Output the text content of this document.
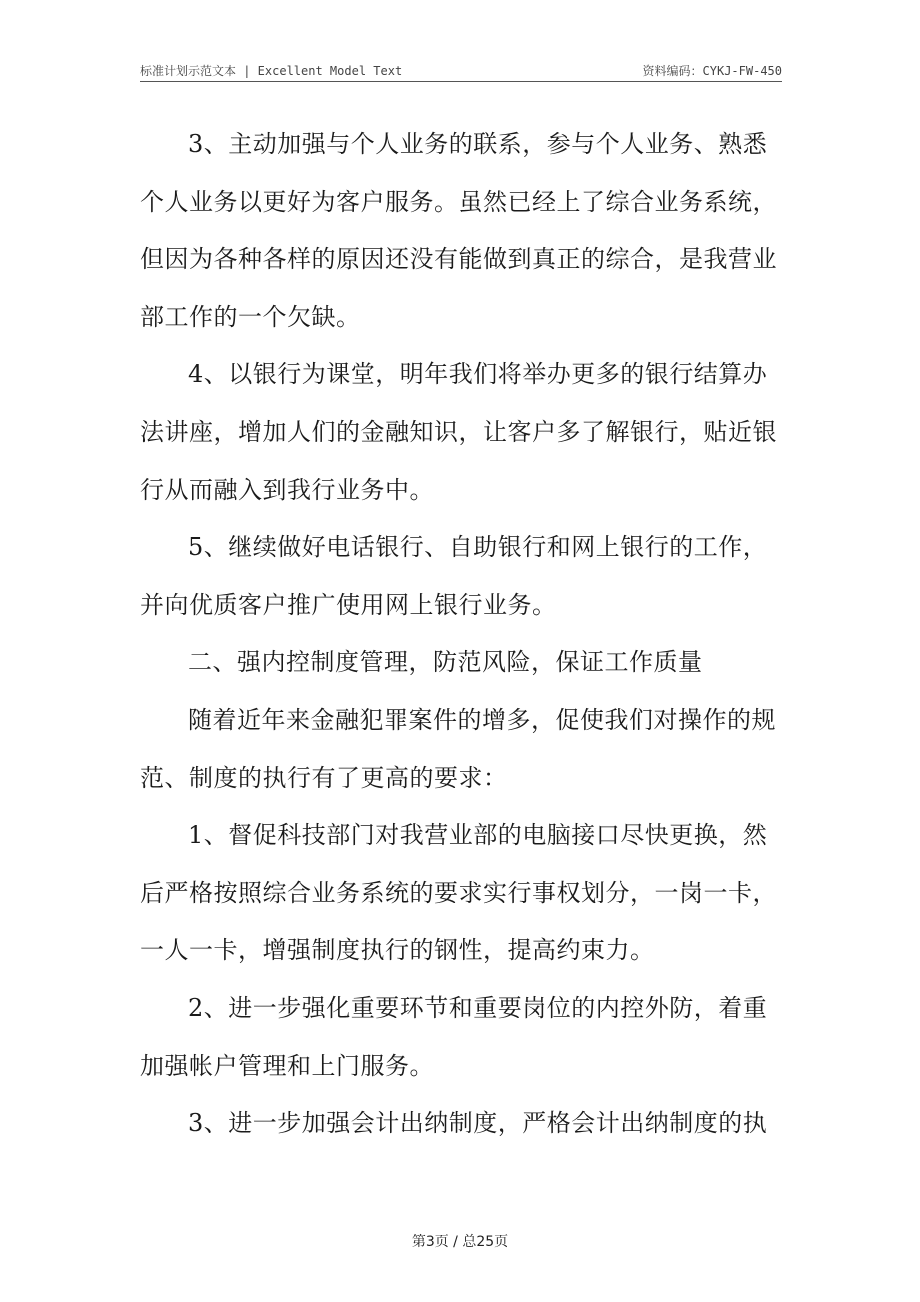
标准计划示范文本 | Excellent Model Text	资料编码：CYKJ-FW-450

3、主动加强与个人业务的联系，参与个人业务、熟悉个人业务以更好为客户服务。虽然已经上了综合业务系统，但因为各种各样的原因还没有能做到真正的综合，是我营业部工作的一个欠缺。

4、以银行为课堂，明年我们将举办更多的银行结算办法讲座，增加人们的金融知识，让客户多了解银行，贴近银行从而融入到我行业务中。

5、继续做好电话银行、自助银行和网上银行的工作，并向优质客户推广使用网上银行业务。

二、强内控制度管理，防范风险，保证工作质量

随着近年来金融犯罪案件的增多，促使我们对操作的规范、制度的执行有了更高的要求：

1、督促科技部门对我营业部的电脑接口尽快更换，然后严格按照综合业务系统的要求实行事权划分，一岗一卡，一人一卡，增强制度执行的钢性，提高约束力。

2、进一步强化重要环节和重要岗位的内控外防，着重加强帐户管理和上门服务。

3、进一步加强会计出纳制度，严格会计出纳制度的执

第3页 / 总25页
